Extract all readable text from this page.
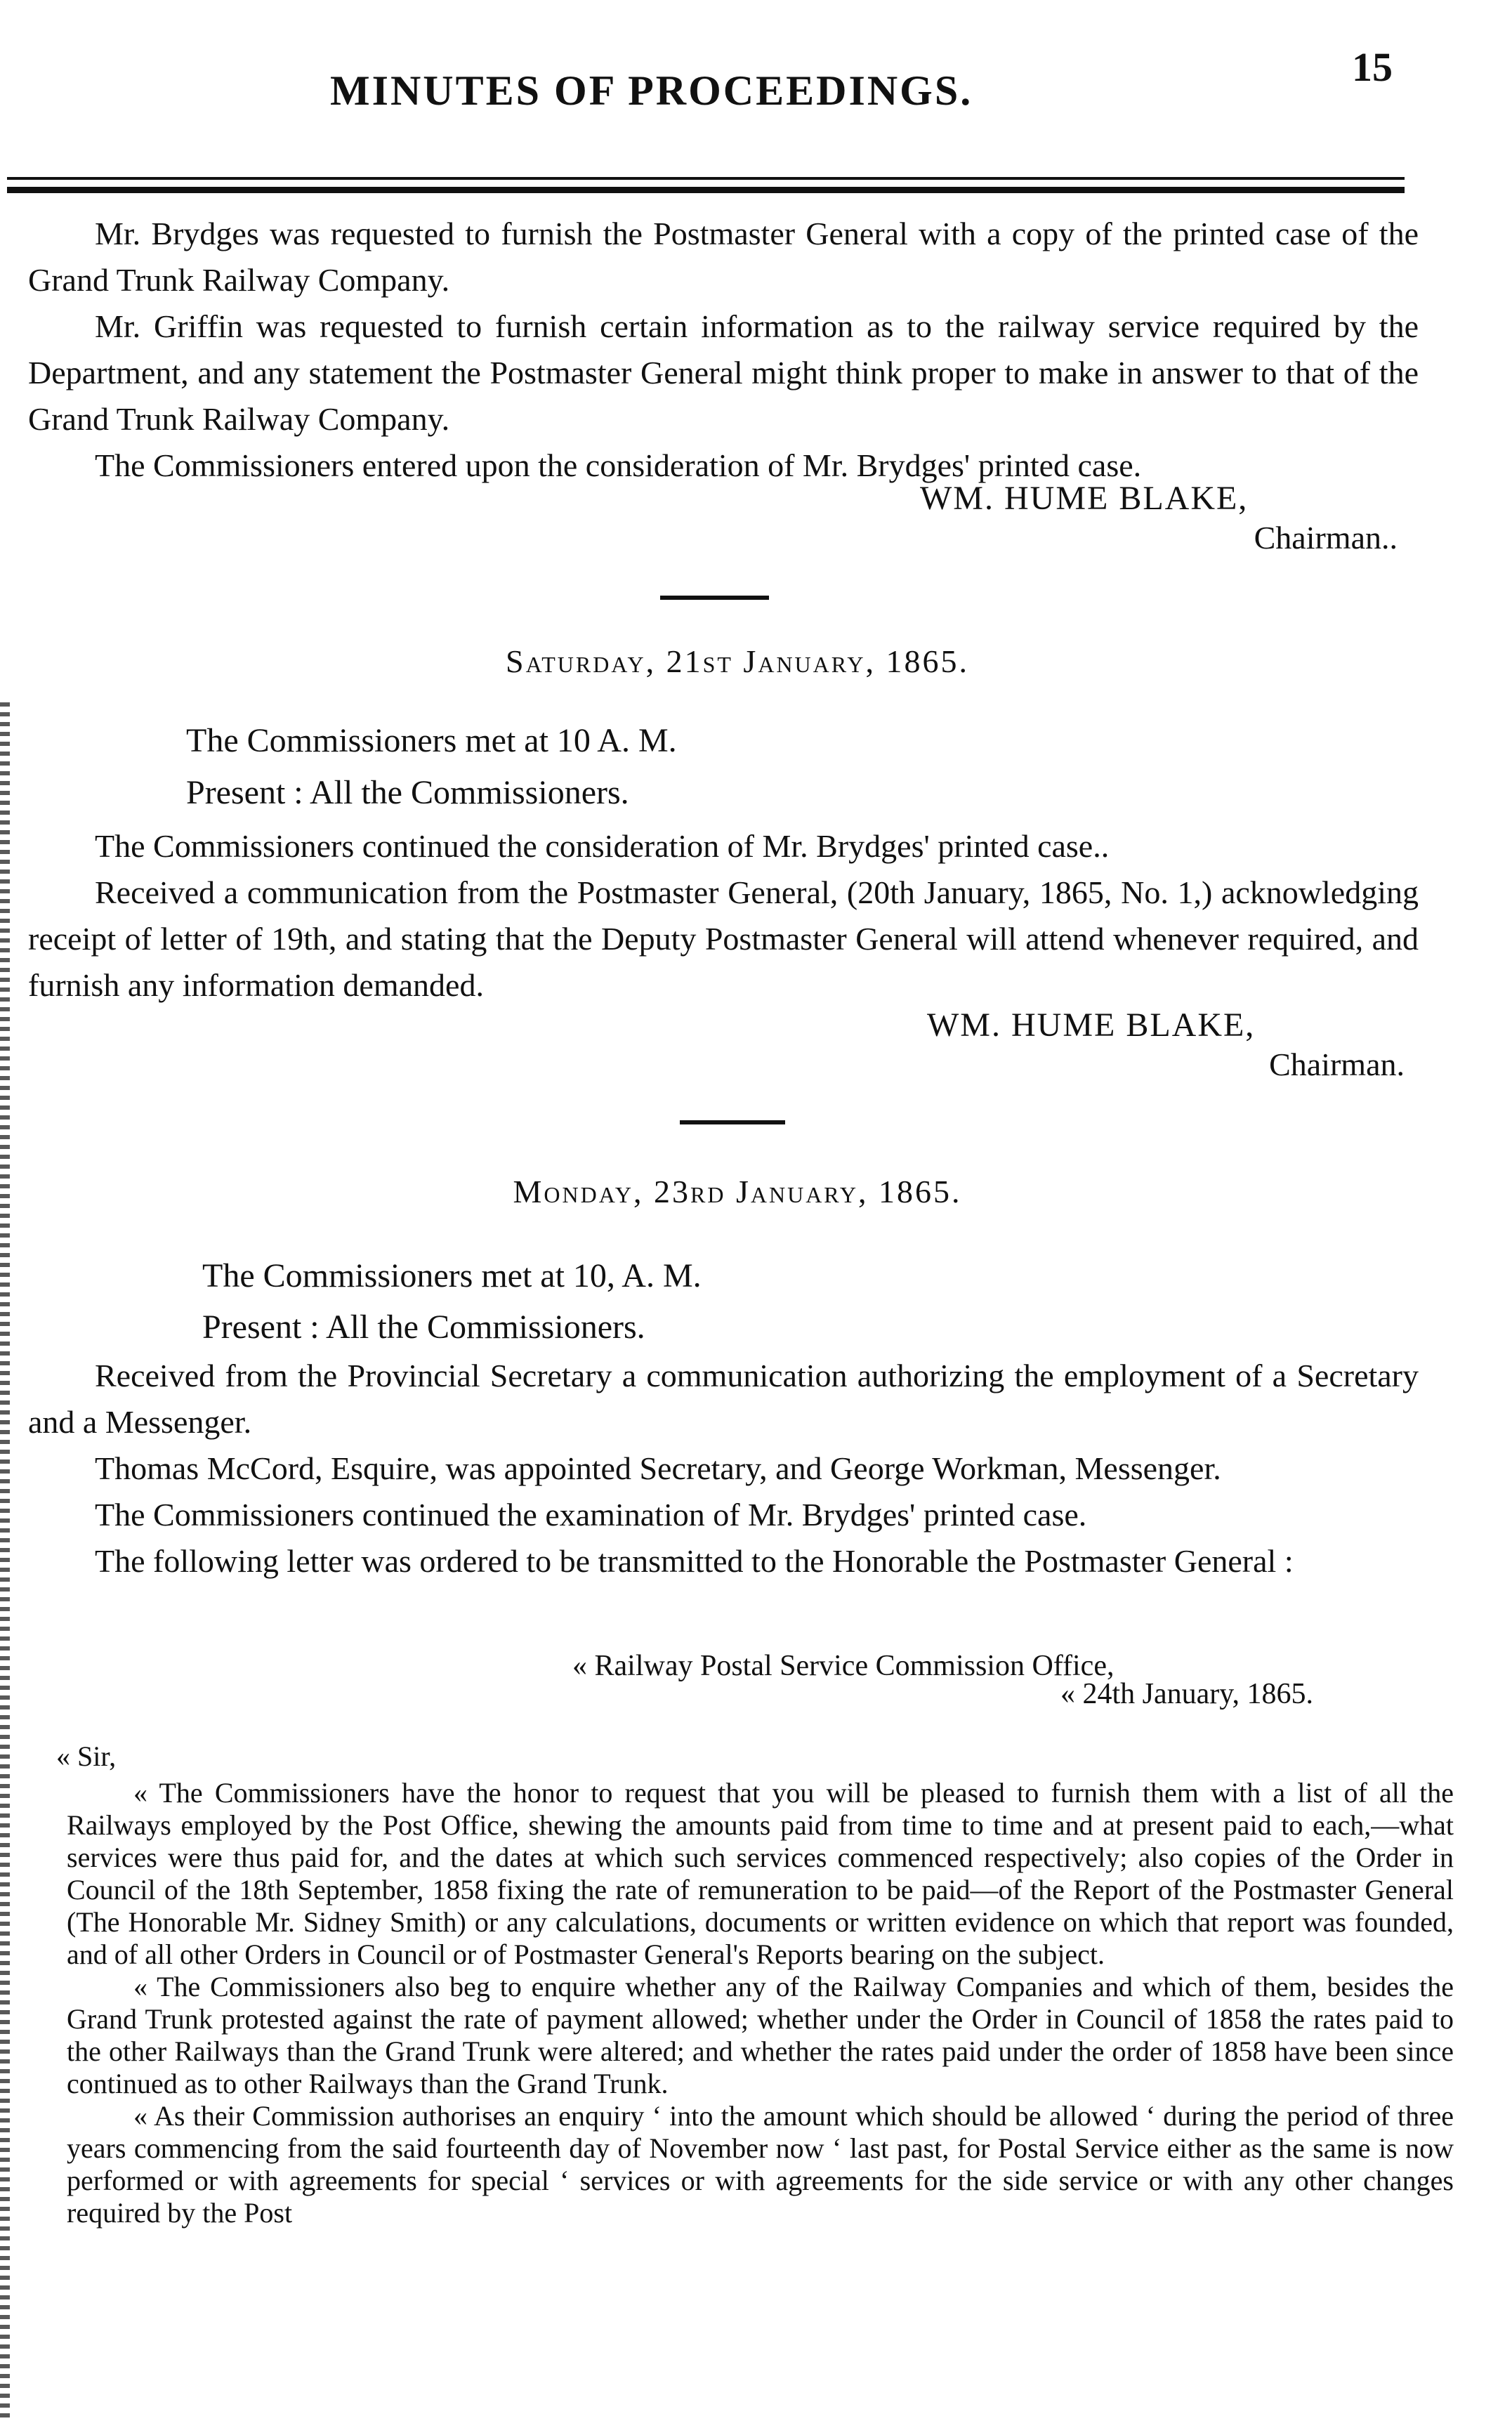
MINUTES OF PROCEEDINGS.
15

Mr. Brydges was requested to furnish the Postmaster General with a copy of the printed case of the Grand Trunk Railway Company.

Mr. Griffin was requested to furnish certain information as to the railway service required by the Department, and any statement the Postmaster General might think proper to make in answer to that of the Grand Trunk Railway Company.

The Commissioners entered upon the consideration of Mr. Brydges' printed case.

WM. HUME BLAKE,
Chairman..
Saturday, 21st January, 1865.
The Commissioners met at 10 A. M.
Present : All the Commissioners.

The Commissioners continued the consideration of Mr. Brydges' printed case..

Received a communication from the Postmaster General, (20th January, 1865, No. 1,) acknowledging receipt of letter of 19th, and stating that the Deputy Postmaster General will attend whenever required, and furnish any information demanded.

WM. HUME BLAKE,
Chairman.
Monday, 23rd January, 1865.
The Commissioners met at 10, A. M.
Present : All the Commissioners.

Received from the Provincial Secretary a communication authorizing the employment of a Secretary and a Messenger.

Thomas McCord, Esquire, was appointed Secretary, and George Workman, Messenger.

The Commissioners continued the examination of Mr. Brydges' printed case.

The following letter was ordered to be transmitted to the Honorable the Postmaster General :

« Railway Postal Service Commission Office,
« 24th January, 1865.

« Sir,

« The Commissioners have the honor to request that you will be pleased to furnish them with a list of all the Railways employed by the Post Office, shewing the amounts paid from time to time and at present paid to each,—what services were thus paid for, and the dates at which such services commenced respectively; also copies of the Order in Council of the 18th September, 1858 fixing the rate of remuneration to be paid—of the Report of the Postmaster General (The Honorable Mr. Sidney Smith) or any calculations, documents or written evidence on which that report was founded, and of all other Orders in Council or of Postmaster General's Reports bearing on the subject.

« The Commissioners also beg to enquire whether any of the Railway Companies and which of them, besides the Grand Trunk protested against the rate of payment allowed; whether under the Order in Council of 1858 the rates paid to the other Railways than the Grand Trunk were altered; and whether the rates paid under the order of 1858 have been since continued as to other Railways than the Grand Trunk.

« As their Commission authorises an enquiry ‘ into the amount which should be allowed ‘ during the period of three years commencing from the said fourteenth day of November now ‘ last past, for Postal Service either as the same is now performed or with agreements for special ‘ services or with agreements for the side service or with any other changes required by the Post
